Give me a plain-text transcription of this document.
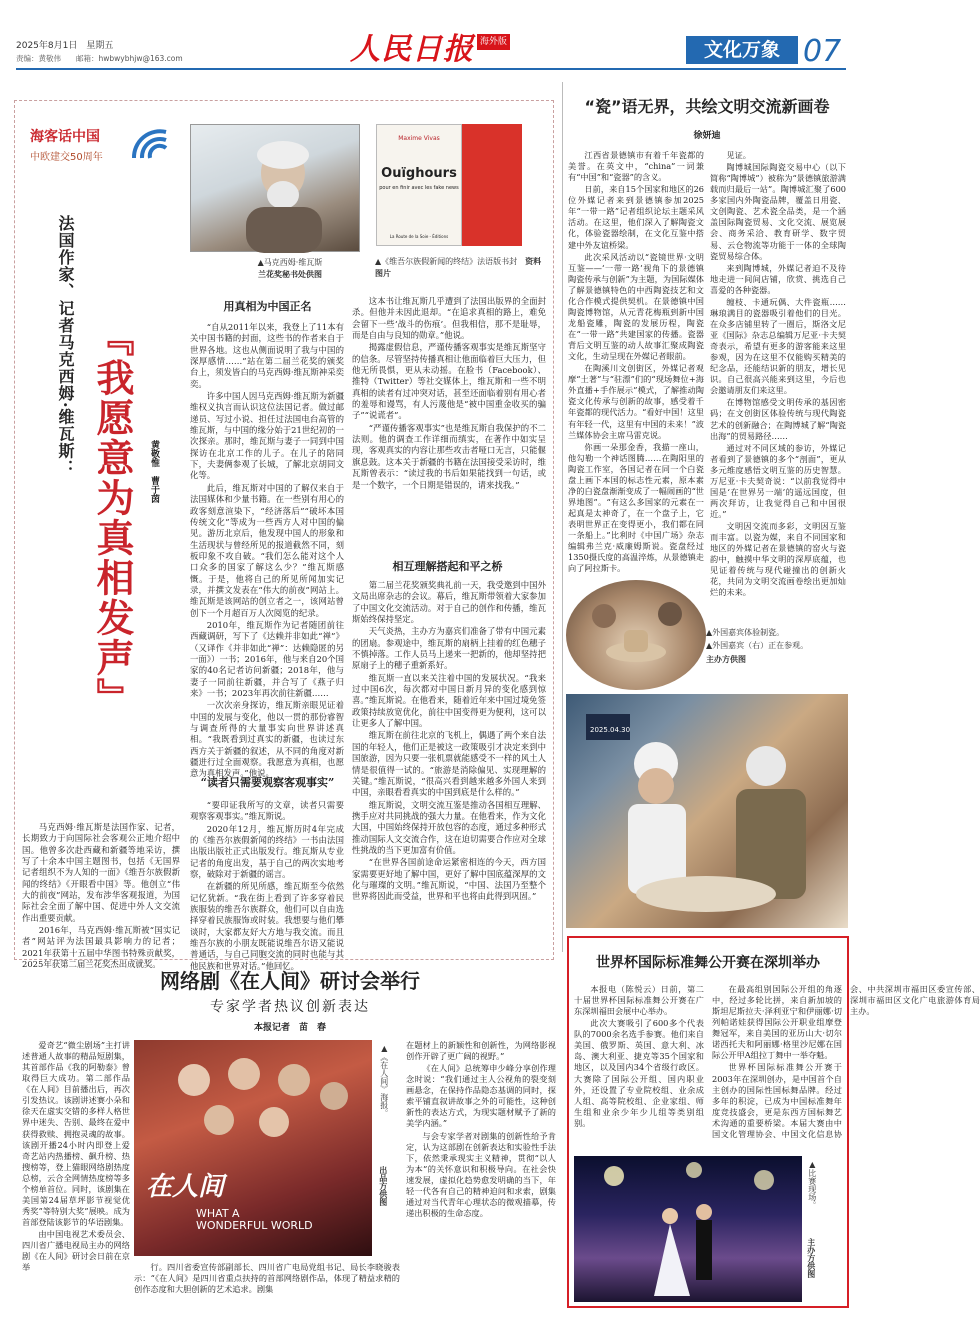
2025年8月1日　星期五
责编：黄敬伟　　邮箱：hwbwybhjw@163.com	人民日报 海外版	文化万象 07
海客话中国
中欧建交50周年
法国作家、记者马克西姆·维瓦斯： 『我愿意为真相发声』	黄敬惟　曹于茵
▲马克西姆·维瓦斯
兰花奖秘书处供图
Maxime Vivas
Ouïghours
pour en finir avec les fake news
La Route de la Soie - Éditions
▲《维吾尔族假新闻的终结》法语版书封　 资料图片
用真相为中国正名
“读者只需要观察客观事实”
相互理解搭起和平之桥

马克西姆·维瓦斯是法国作家、记者，长期致力于向国际社会客观公正地介绍中国。他曾多次赴西藏和新疆等地采访，撰写了十余本中国主题图书，包括《无国界记者组织不为人知的一面》《维吾尔族假新闻的终结》《开眼看中国》等。他创立“伟大的前夜”网站，发布涉华客观报道，为国际社会全面了解中国、促进中外人文交流作出重要贡献。

2016年，马克西姆·维瓦斯被“国实记者”网站评为法国最具影响力的记者；2021年获第十五届中华图书特殊贡献奖，2025年获第二届兰花奖杰出成就奖。

“自从2011年以来，我登上了11本有关中国书籍的封面，这些书的作者来自于世界各地。这也从侧面说明了我与中国的深厚感情……”站在第二届兰花奖的颁奖台上，须发皆白的马克西姆·维瓦斯神采奕奕。

许多中国人因马克西姆·维瓦斯为新疆维权义执言而认识这位法国记者。做过邮递员、写过小说、担任过法国电台高管的维瓦斯，与中国的缘分始于21世纪初的一次探亲。那时，维瓦斯与妻子一同到中国探访在北京工作的儿子。在儿子的陪同下，夫妻俩参观了长城，了解北京胡同文化等。

此后，维瓦斯对中国的了解仅来自于法国媒体和少量书籍。在一些别有用心的政客刻意渲染下，“经济落后”“破坏本国传统文化”等成为一些西方人对中国的偏见。游历北京后，他发现中国人的形象和生活现状与曾经所见的报道截然不同，刻板印象不攻自破。“我们怎么能对这个人口众多的国家了解这么少？”维瓦斯感慨。于是，他将自己的所见所闻加实记录，并撰文发表在“伟大的前夜”网站上。维瓦斯是该网站的创立者之一，该网站曾创下一个月超百万人次阅览的纪录。

2010年，维瓦斯作为记者随团前往西藏调研，写下了《达赖并非如此“禅”》（又译作《并非如此“禅”：达赖隐匿的另一面》）一书；2016年，他与来自20个国家的40名记者访问新疆；2018年，他与妻子一同前往新疆，并合写了《燕子归来》一书；2023年再次前往新疆……

一次次亲身探访，维瓦斯亲眼见证着中国的发展与变化，他以一贯的那份睿智与调查所得的大量事实向世界讲述真相。“我既看到过真实的新疆，也读过东西方关于新疆的叙述，从不同的角度对新疆进行过全面观察。我愿意为真相，也愿意为真相发声。”他说。

“要印证我所写的文章，读者只需要观察客观事实。”维瓦斯说。

2020年12月，维瓦斯历时4年完成的《维吾尔族假新闻的终结》一书由法国出版出版社正式出版发行。维瓦斯从专业记者的角度出发，基于自己的两次实地考察，破除对于新疆的谣言。

在新疆的所见所感，维瓦斯至今依然记忆犹新。“我在街上看到了许多穿着民族服装的维吾尔族群众，他们可以自由选择穿着民族服饰或时装。我想要与他们攀谈时，大家都友好大方地与我交流。而且维吾尔族的小朋友既能说维吾尔语又能说普通话，与自己同胞交流的同时也能与其他民族和世界对话。”他回忆。

这本书让维瓦斯几乎遭到了法国出版界的全面封杀。但他并未因此退却。“在追求真相的路上，难免会留下一些‘战斗的伤痕’。但我相信，那不是耻辱，而是自由与良知的勋章。”他说。

揭露虚假信息，严谨传播客观事实是维瓦斯坚守的信条。尽管坚持传播真相让他面临着巨大压力，但他无所畏惧，更从未动摇。在脸书（Facebook）、推特（Twitter）等社交媒体上，维瓦斯和一些不明真相的读者有过冲突对话，甚至还面临着别有用心者的羞辱和谩骂，有人污蔑他是“被中国重金收买的骗子”“说谎者”。

“严谨传播客观事实”也是维瓦斯自我保护的不二法则。他的调查工作详细而缜实，在著作中如实呈现，客观真实的内容让那些攻击者哑口无言，只能偃旗息鼓。这本关于新疆的书籍在法国接受采访时，维瓦斯曾表示：“读过我的书后如果能找到一句话，或是一个数字，一个日期是错误的，请来找我。”

第二届兰花奖颁奖典礼前一天，我受邀到中国外文局出席杂志的会议。幕后，维瓦斯带领着大家参加了中国文化交流活动。对于自己的创作和传播，维瓦斯始终保持坚定。

天气炎热，主办方为嘉宾们准备了带有中国元素的团扇。参观途中，维瓦斯的扇柄上挂着的红色穗子不慎掉落。工作人员马上递来一把新的，他却坚持把原扇子上的穗子重新系好。

维瓦斯一直以来关注着中国的发展状况。“我来过中国6次，每次都对中国日新月异的变化感到惊喜。”维瓦斯说。在他看来，随着近年来中国过境免签政策持续放宽优化，前往中国变得更为便利，这可以让更多人了解中国。

维瓦斯在前往北京的飞机上，偶遇了两个来自法国的年轻人，他们正是被这一政策吸引才决定来到中国旅游，因为只要一张机票就能感受不一样的风土人情是很值得一试的。“旅游是消除偏见、实现理解的关键。”维瓦斯说，“很高兴看到越来越多外国人来到中国，亲眼看看真实的中国到底是什么样的。”

维瓦斯说，文明交流互鉴是推动各国相互理解、携手应对共同挑战的强大力量。在他看来，作为文化大国，中国始终保持开放包容的态度，通过多种形式推动国际人文交流合作，这在迫切需要合作应对全球性挑战的当下更加富有价值。

“在世界各国前途命运紧密相连的今天，西方国家需要更好地了解中国，更好了解中国底蕴深厚的文化与璀璨的文明。”维瓦斯说，“中国、法国乃至整个世界将因此而受益，世界和平也将由此得到巩固。”

“瓷”语无界，共绘文明交流新画卷
徐妍迪

江西省景德镇市有着千年瓷都的美誉。在英文中，“china”一词兼有“中国”和“瓷器”的含义。

日前，来自15个国家和地区的26位外媒记者来到景德镇参加2025年“一带一路”记者组织论坛主题采风活动。在这里，他们深入了解陶瓷文化，体验瓷器绘制，在文化互鉴中搭建中外友谊桥梁。

此次采风活动以“瓷镜世界·文明互鉴——‘一带一路’视角下的景德镇陶瓷传承与创新”为主题，为国际媒体了解景德镇特色的中西陶瓷技艺和文化合作模式提供契机。在景德镇中国陶瓷博物馆，从元青花梅瓶到新中国龙船瓷雕，陶瓷的发展历程，陶瓷在“一带一路”共建国家的传播。瓷器背后文明互鉴的动人故事汇聚成陶瓷文化，生动呈现在外媒记者眼前。

在陶溪川文创街区，外媒记者观摩“土著”与“驻漂”们的“现场舞位+海外直播+手作展示”模式，了解推动陶瓷文化传承与创新的故事，感受着千年瓷都的现代活力。“看好中国！这里有年轻一代，这里有中国的未来！”波兰媒体协会主席马雷克说。

你画一朵那金香，我描一座山，他勾勒一个神话图腾……在陶阳里的陶瓷工作室，各国记者在同一个白瓷盘上画下本国的标志性元素，原本素净的白瓷盘渐渐变成了一幅闹画的“世界地图”。“有这么多国家的元素在一起真是太神奇了，在一个盘子上，它表明世界正在变得更小，我们都在同一条船上。”比利时《中国广场》杂志编辑弗兰克·威廉姆斯说。瓷盘经过1350摄氏度的高温淬炼，从景德镇走向了阿拉斯卡。

见证。

陶博城国际陶瓷交易中心（以下简称“陶博城”）被称为“景德镇旅游满载而归最后一站”。陶博城汇聚了600多家国内外陶瓷品牌，覆盖日用瓷、文创陶瓷、艺术瓷全品类，是一个涵盖国际陶瓷贸易、文化交流、展览展会、商务采洽、教育研学、数字贸易、云仓物流等功能于一体的全球陶瓷贸易综合体。

来到陶博城，外媒记者迫不及待地走进一间间店铺，欣赏、挑选自己喜爱的各种瓷器。

缠枝、卡通玩偶、大件瓷瓶……琳琅满目的瓷器吸引着他们的目光。在众多店铺里转了一圈后，斯洛文尼亚《国际》杂志总编辑万尼亚·卡夫契奇表示，希望有更多的游客能来这里参观，因为在这里不仅能购买精美的纪念品，还能结识新的朋友，增长见识。自己很高兴能来到这里，今后也会邀请朋友们来这里。

在博物馆感受文明传承的基因密码；在文创街区体验传统与现代陶瓷艺术的创新融合；在陶博城了解“陶瓷出海”的贸易路径……

通过对不同区域的参访，外媒记者看到了景德镇的多个“剖面”，更从多元维度感悟文明互鉴的历史智慧。万尼亚·卡夫契奇说：“以前我觉得中国是‘在世界另一端’的遥远国度，但两次拜访，让我觉得自己和中国很近。”

文明因交流而多彩，文明因互鉴而丰富。以瓷为媒，来自不同国家和地区的外媒记者在景德镇的窑火与瓷韵中，触摸中华文明的深厚底蕴，也见证着传统与现代碰撞出的创新火花，共同为文明交流画卷绘出更加灿烂的未来。

▲外国嘉宾体验制瓷。
▲外国嘉宾（右）正在参观。
主办方供图
2025.04.30
世界杯国际标准舞公开赛在深圳举办

本报电（陈悦云）日前，第二十届世界杯国际标准舞公开赛在广东深圳福田会展中心举办。

此次大赛吸引了600多个代表队的7000余名选手参赛。他们来自美国、俄罗斯、英国、意大利、冰岛、澳大利亚、捷克等35个国家和地区，以及国内34个省级行政区。大赛除了国际公开组、国内职业外，还设置了专业院校组、业余成人组、高等院校组、企业家组、师生组和业余少年少儿组等类别组别。

在最高组别国际公开组的角逐中，经过多轮比拼，来自新加坡的斯坦尼斯拉夫·泽利亚宁和伊丽娜·切列帕诺娃获得国际公开职业组摩登舞冠军，来自美国的亚历山大·切尔诺西托夫和阿丽娜·格里沙尼娜在国际公开甲A组拉丁舞中一举夺魁。

世界杯国际标准舞公开赛于2003年在深圳创办，是中国首个自主创办的国际性国标舞品牌。经过多年的积淀，已成为中国标准舞年度竞技盛会，更是东西方国标舞艺术沟通的重要桥梁。本届大赛由中国文化管理协会、中国文化信息协会、中共深圳市福田区委宣传部、深圳市福田区文化广电旅游体育局主办。

▲比赛现场。
主办方供图
网络剧《在人间》研讨会举行
专家学者热议创新表达
本报记者　苗　春

爱奇艺“微尘剧场”主打讲述普通人故事的精品短剧集，其首部作品《我的阿勒泰》曾取得巨大成功。第二部作品《在人间》目前播出后，再次引发热议。该剧讲述赛小朵和徐天在虚实交错的多样人格世界中迷失、告别、最终在爱中获得救赎、拥抱灵魂的故事。该剧开播24小时内即登上爱奇艺站内热播榜、飙升榜、热搜榜等，登上猫眼网络剧热度总榜，云合全网情热度榜等多个榜单首位。同时，该剧集在美国第24届草坪影节视觉优秀奖”等特别大奖”展映。成为首部登陆该影节的华语剧集。

由中国电视艺术委员会、四川省广播电视局主办的网络剧《在人间》研讨会日前在京举

在人间
WHAT A
WONDERFUL WORLD
▲《在人间》海报。
出品方供图

行。四川省委宣传部副部长、四川省广电局党组书记、局长李晓骏表示：“《在人间》是四川省重点扶持的首部网络剧作品，体现了精益求精的创作态度和大胆创新的艺术追求。剧集

在题材上的新颖性和创新性，为网络影视创作开辟了更广阔的视野。”

《在人间》总统筹申少峰分享创作理念时说：“我们通过主人公视角的裂变刻画悬念，在保持作品隐态基调的同时，探索平铺直叙讲故事之外的可能性，这种创新性的表达方式，为现实题材赋予了新的美学内涵。”

与会专家学者对剧集的创新性给予肯定，认为这部剧在创新表达和实验性手法下，依然秉承现实主义精神，贯彻“以人为本”的关怀意识和积极导向。在社会快速发展，虚拟化趋势愈发明确的当下，年轻一代各有自己的精神迫问和求索，剧集通过对当代青年心理状态的微观描摹，传递出积极的生命态度。
